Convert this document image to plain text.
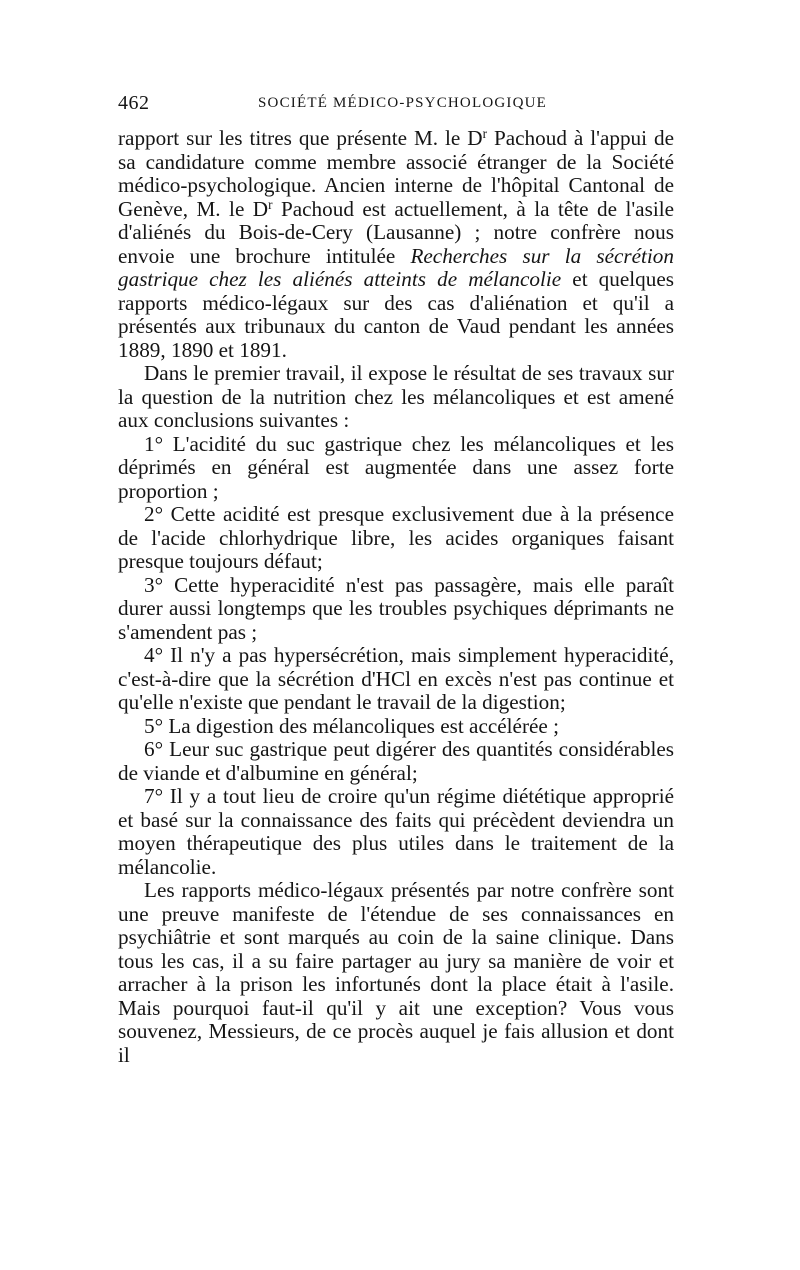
462	SOCIÉTÉ MÉDICO-PSYCHOLOGIQUE

rapport sur les titres que présente M. le $D^r$ Pachoud à l'appui de sa candidature comme membre associé étranger de la Société médico-psychologique. Ancien interne de l'hôpital Cantonal de Genève, M. le $D^r$ Pachoud est actuellement, à la tête de l'asile d'aliénés du Bois-de-Cery (Lausanne) ; notre confrère nous envoie une brochure intitulée Recherches sur la sécrétion gastrique chez les aliénés atteints de mélancolie et quelques rapports médico-légaux sur des cas d'aliénation et qu'il a présentés aux tribunaux du canton de Vaud pendant les années 1889, 1890 et 1891.

Dans le premier travail, il expose le résultat de ses travaux sur la question de la nutrition chez les mélancoliques et est amené aux conclusions suivantes :

1° L'acidité du suc gastrique chez les mélancoliques et les déprimés en général est augmentée dans une assez forte proportion ;

2° Cette acidité est presque exclusivement due à la présence de l'acide chlorhydrique libre, les acides organiques faisant presque toujours défaut;

3° Cette hyperacidité n'est pas passagère, mais elle paraît durer aussi longtemps que les troubles psychiques déprimants ne s'amendent pas ;

4° Il n'y a pas hypersécrétion, mais simplement hyperacidité, c'est-à-dire que la sécrétion d'HCl en excès n'est pas continue et qu'elle n'existe que pendant le travail de la digestion;

5° La digestion des mélancoliques est accélérée ;

6° Leur suc gastrique peut digérer des quantités considérables de viande et d'albumine en général;

7° Il y a tout lieu de croire qu'un régime diététique approprié et basé sur la connaissance des faits qui précèdent deviendra un moyen thérapeutique des plus utiles dans le traitement de la mélancolie.

Les rapports médico-légaux présentés par notre confrère sont une preuve manifeste de l'étendue de ses connaissances en psychiâtrie et sont marqués au coin de la saine clinique. Dans tous les cas, il a su faire partager au jury sa manière de voir et arracher à la prison les infortunés dont la place était à l'asile. Mais pourquoi faut-il qu'il y ait une exception? Vous vous souvenez, Messieurs, de ce procès auquel je fais allusion et dont il
